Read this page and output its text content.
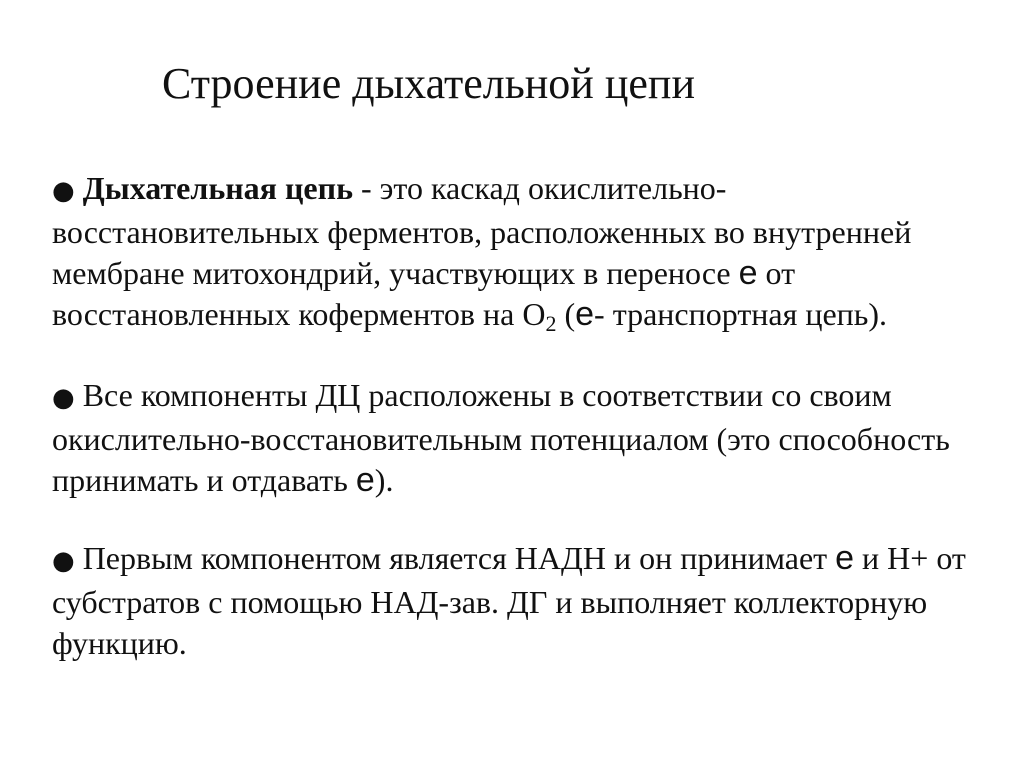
Строение дыхательной цепи

● Дыхательная цепь - это каскад окислительно-восстановительных ферментов, расположенных во внутренней мембране митохондрий, участвующих в переносе е от восстановленных коферментов на $О_2$ (е- транспортная цепь).

● Все компоненты ДЦ расположены в соответствии со своим окислительно-восстановительным потенциалом (это способность принимать и отдавать е).

● Первым компонентом является НАДН и он принимает е и Н+ от субстратов с помощью НАД-зав. ДГ и выполняет коллекторную функцию.
